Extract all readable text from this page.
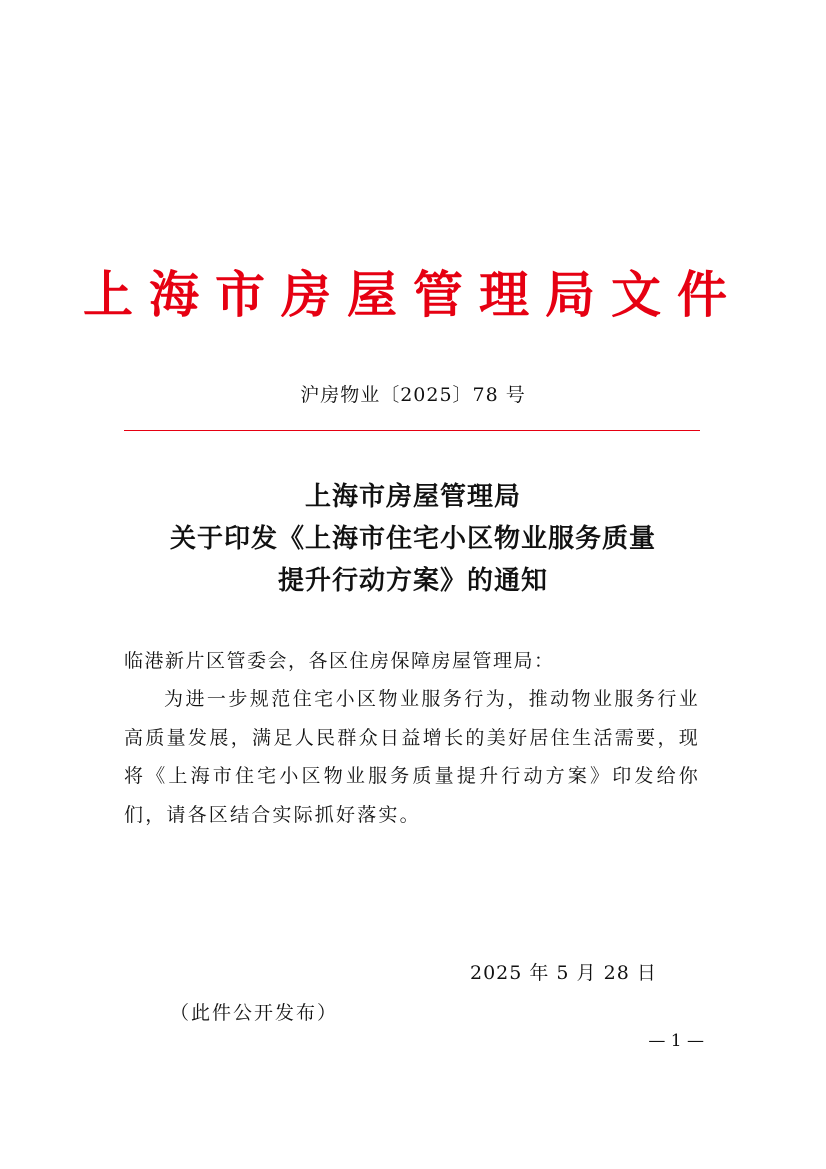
上海市房屋管理局文件
沪房物业〔2025〕78 号
上海市房屋管理局
关于印发《上海市住宅小区物业服务质量
提升行动方案》的通知
临港新片区管委会，各区住房保障房屋管理局：
为进一步规范住宅小区物业服务行为，推动物业服务行业高质量发展，满足人民群众日益增长的美好居住生活需要，现将《上海市住宅小区物业服务质量提升行动方案》印发给你们，请各区结合实际抓好落实。
2025 年 5 月 28 日
（此件公开发布）
— 1 —
